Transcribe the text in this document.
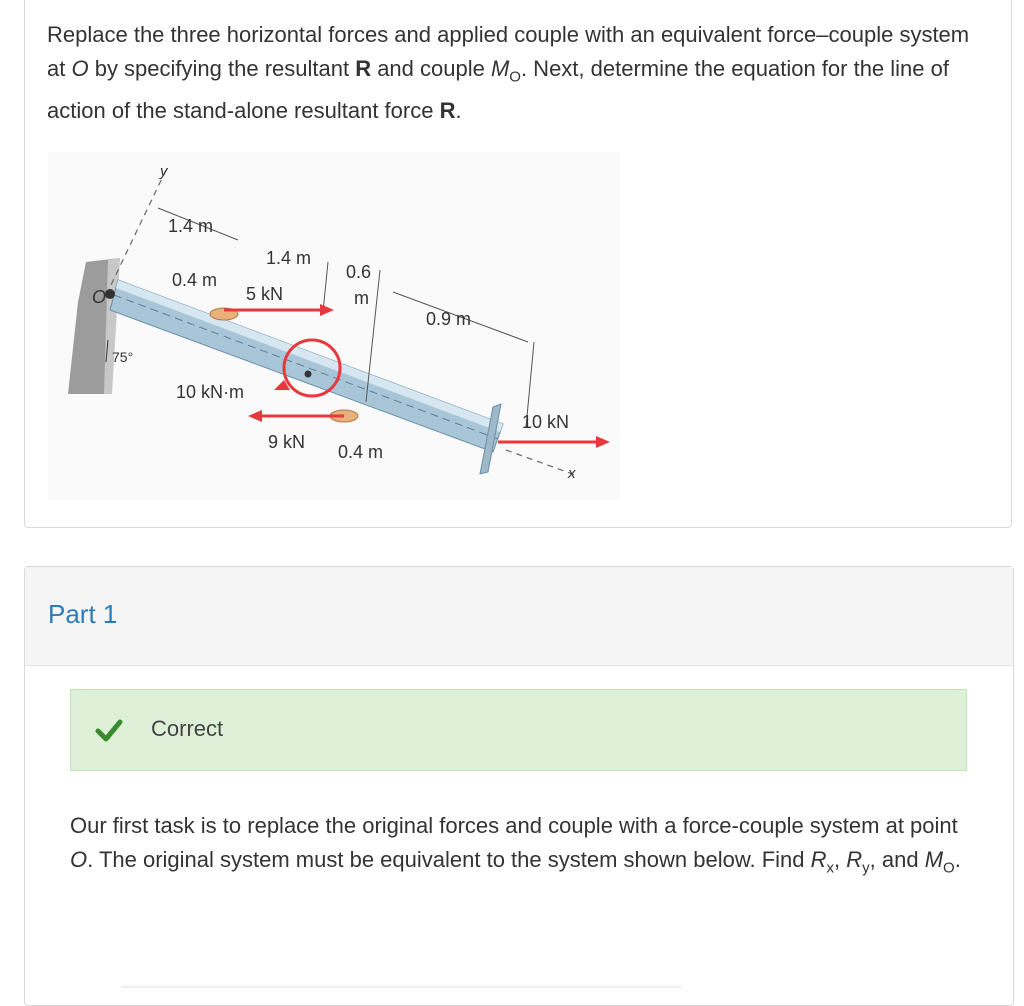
Replace the three horizontal forces and applied couple with an equivalent force–couple system at O by specifying the resultant R and couple $M_O$. Next, determine the equation for the line of action of the stand-alone resultant force R.
y
O
75°
1.4 m
1.4 m
0.4 m	0.6
m
0.9 m
0.4 m
5 kN
9 kN
10 kN
x
10 kN·m
Part 1
Correct
Our first task is to replace the original forces and couple with a force-couple system at point O. The original system must be equivalent to the system shown below. Find $R_x$, $R_y$, and $M_O$.
